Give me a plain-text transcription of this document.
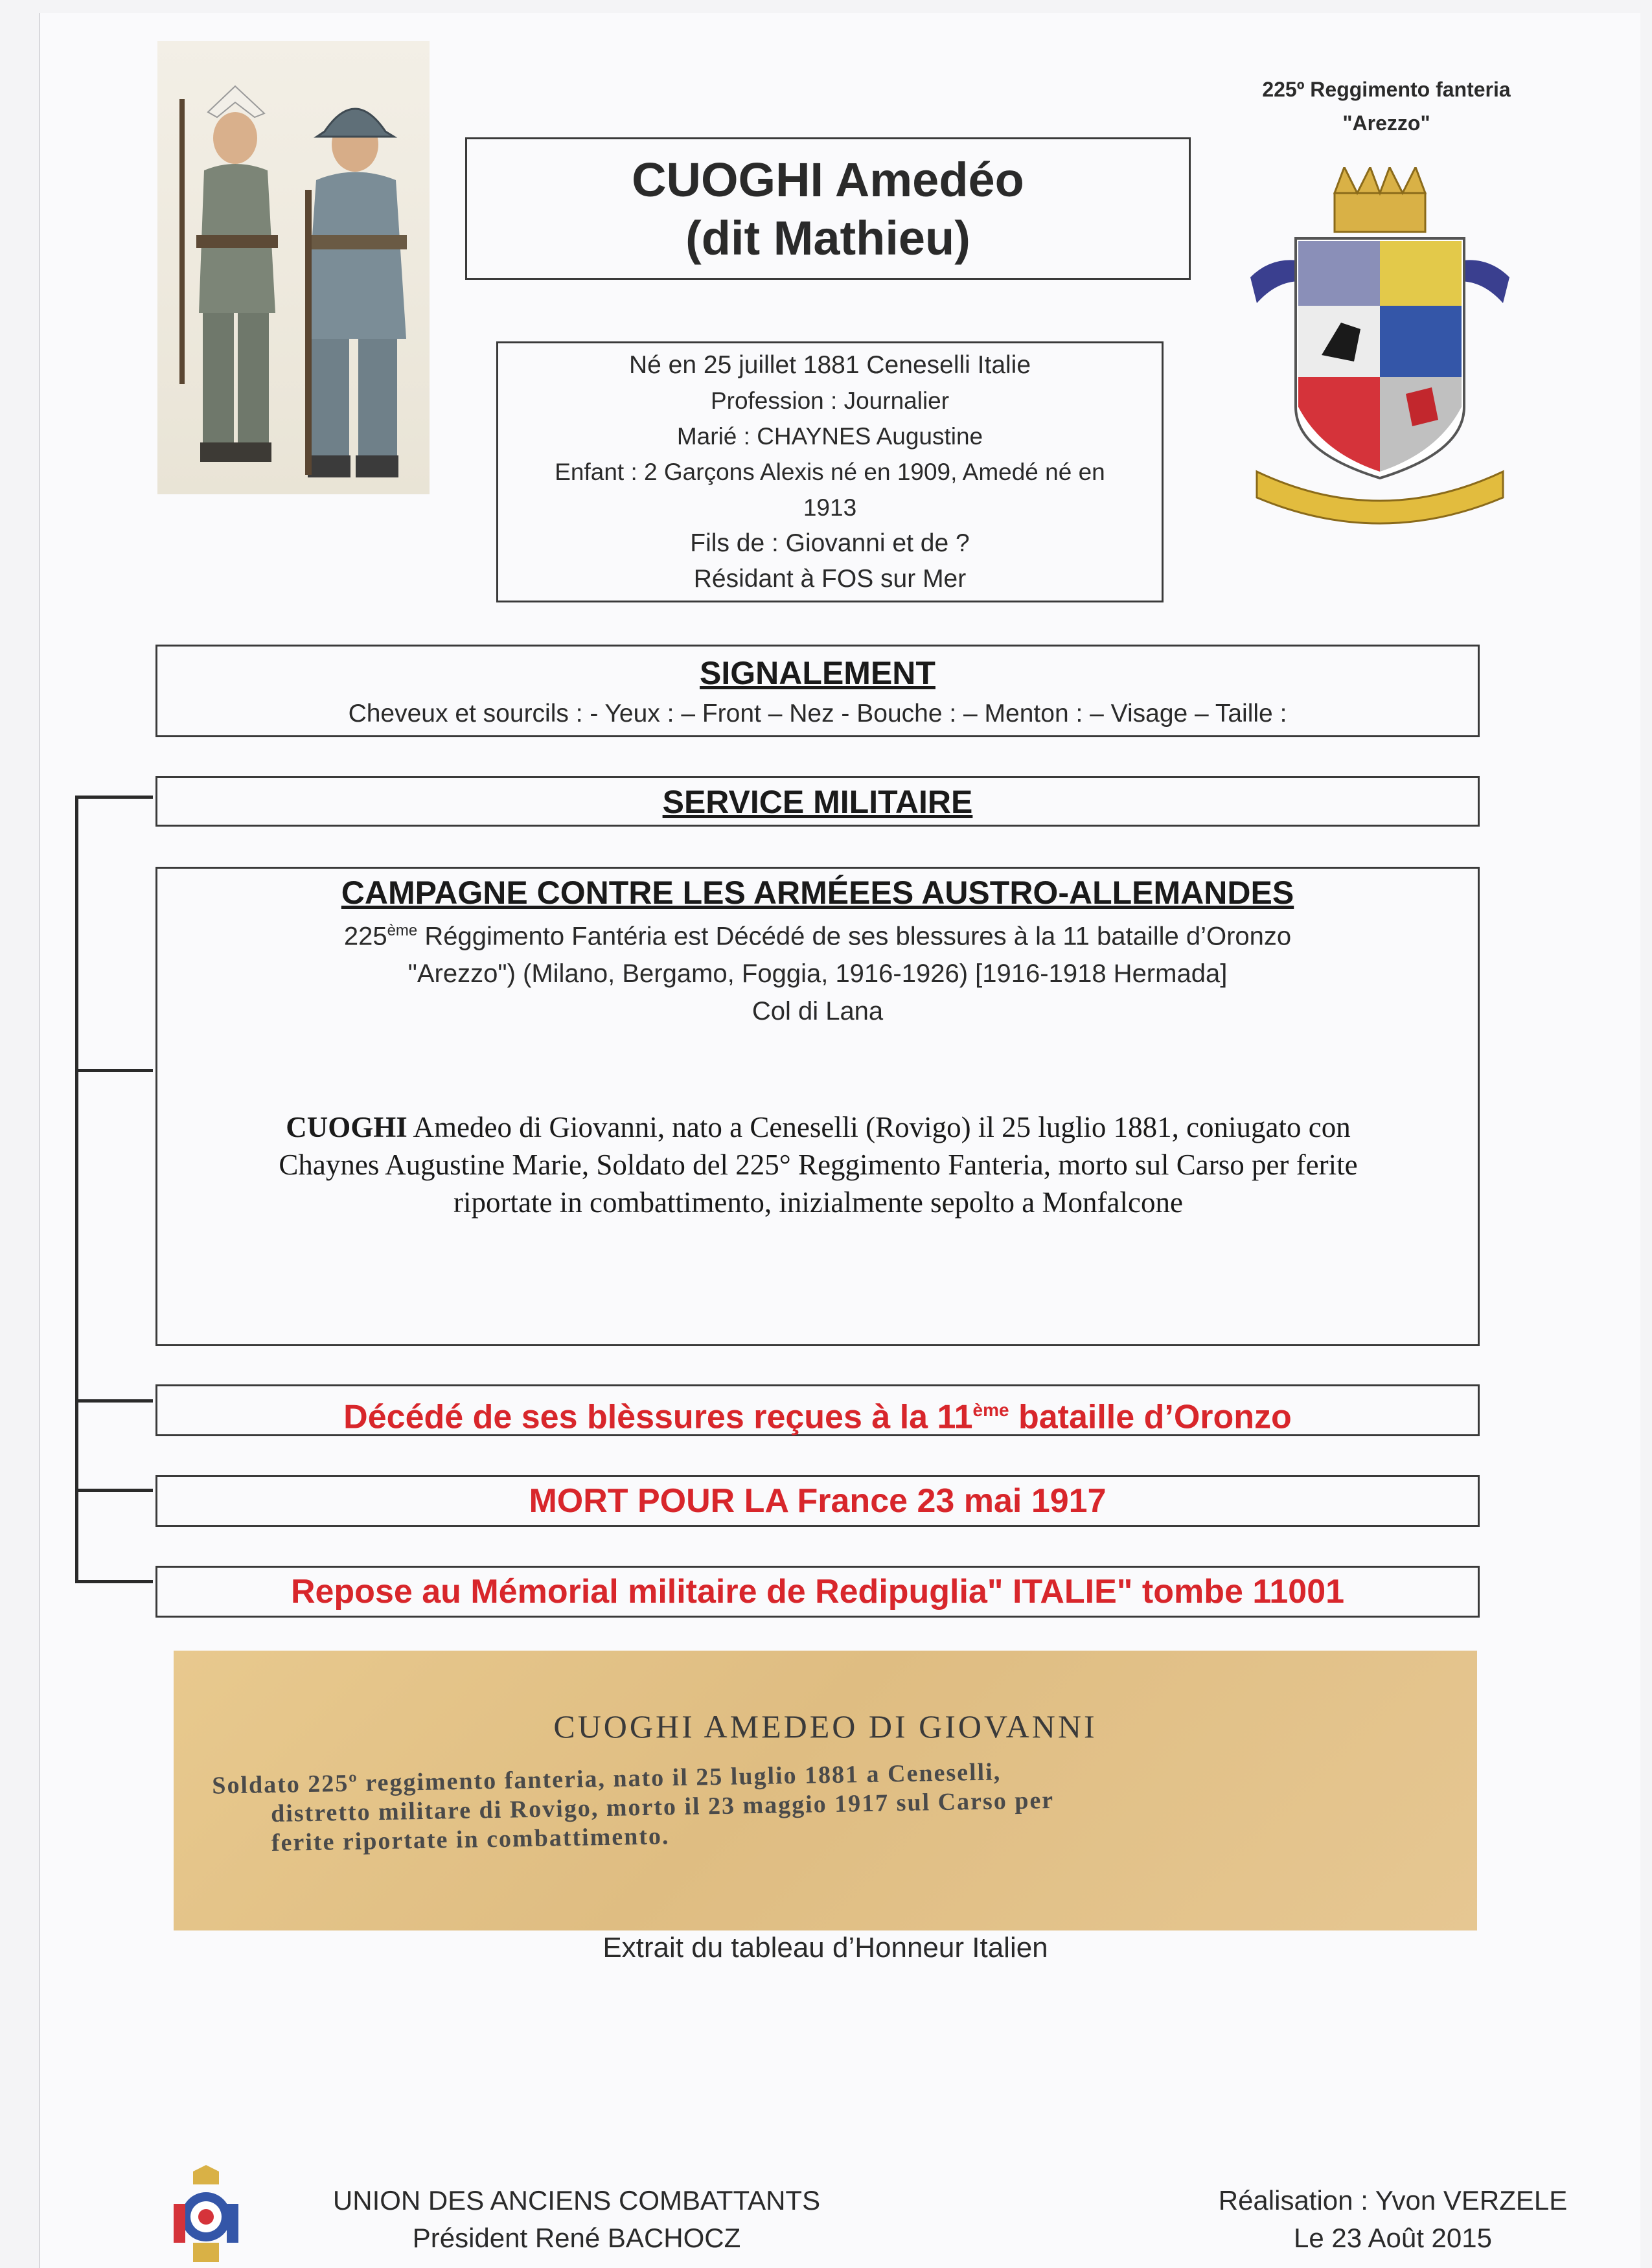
CUOGHI Amedéo
(dit Mathieu)
225º Reggimento fanteria
"Arezzo"
Né en 25 juillet 1881 Ceneselli Italie
Profession : Journalier
Marié : CHAYNES Augustine
Enfant : 2 Garçons Alexis né en 1909, Amedé né en
1913
Fils de : Giovanni et de ?
Résidant à FOS sur Mer
SIGNALEMENT
Cheveux et sourcils : - Yeux : – Front – Nez - Bouche : – Menton : – Visage – Taille :
SERVICE MILITAIRE
CAMPAGNE CONTRE LES ARMÉEES AUSTRO-ALLEMANDES
225ème Réggimento Fantéria est Décédé de ses blessures à la 11 bataille d’Oronzo
"Arezzo") (Milano, Bergamo, Foggia, 1916-1926) [1916-1918 Hermada]
Col di Lana
CUOGHI Amedeo di Giovanni, nato a Ceneselli (Rovigo) il 25 luglio 1881, coniugato con
Chaynes Augustine Marie, Soldato del 225° Reggimento Fanteria, morto sul Carso per ferite
riportate in combattimento, inizialmente sepolto a Monfalcone
Décédé de ses blèssures reçues à la 11ème bataille d’Oronzo
MORT POUR LA France 23 mai 1917
Repose au Mémorial militaire de Redipuglia" ITALIE" tombe 11001
CUOGHI AMEDEO DI GIOVANNI
Soldato 225º reggimento fanteria, nato il 25 luglio 1881 a Ceneselli,
distretto militare di Rovigo, morto il 23 maggio 1917 sul Carso per
ferite riportate in combattimento.
Extrait du tableau d’Honneur Italien
UNION DES ANCIENS COMBATTANTS
Président René BACHOCZ
Réalisation : Yvon VERZELE
Le 23 Août 2015
